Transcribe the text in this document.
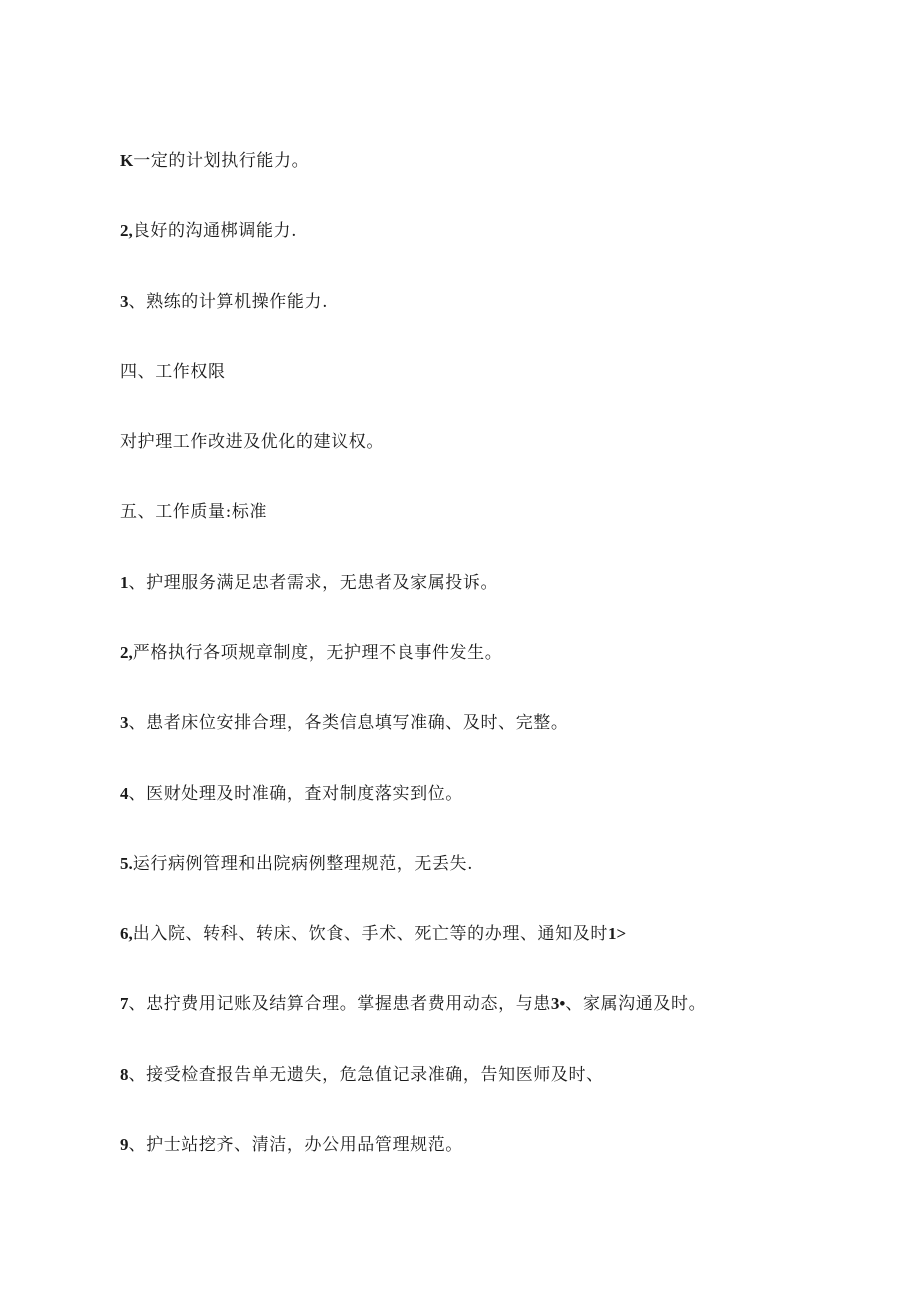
K一定的计划执行能力。
2,良好的沟通梆调能力.
3、熟练的计算机操作能力.
四、工作权限
对护理工作改进及优化的建议权。
五、工作质量:标准
1、护理服务满足忠者需求，无患者及家属投诉。
2,严格执行各项规章制度，无护理不良事件发生。
3、患者床位安排合理，各类信息填写准确、及时、完整。
4、医财处理及时准确，査对制度落实到位。
5.运行病例管理和出院病例整理规范，无丢失.
6,出入院、转科、转床、饮食、手术、死亡等的办理、通知及时1>
7、忠拧费用记账及结算合理。掌握患者费用动态，与患3•、家属沟通及时。
8、接受检査报告单无遗失，危急值记录准确，告知医师及时、
9、护士站挖齐、清洁，办公用品管理规范。
